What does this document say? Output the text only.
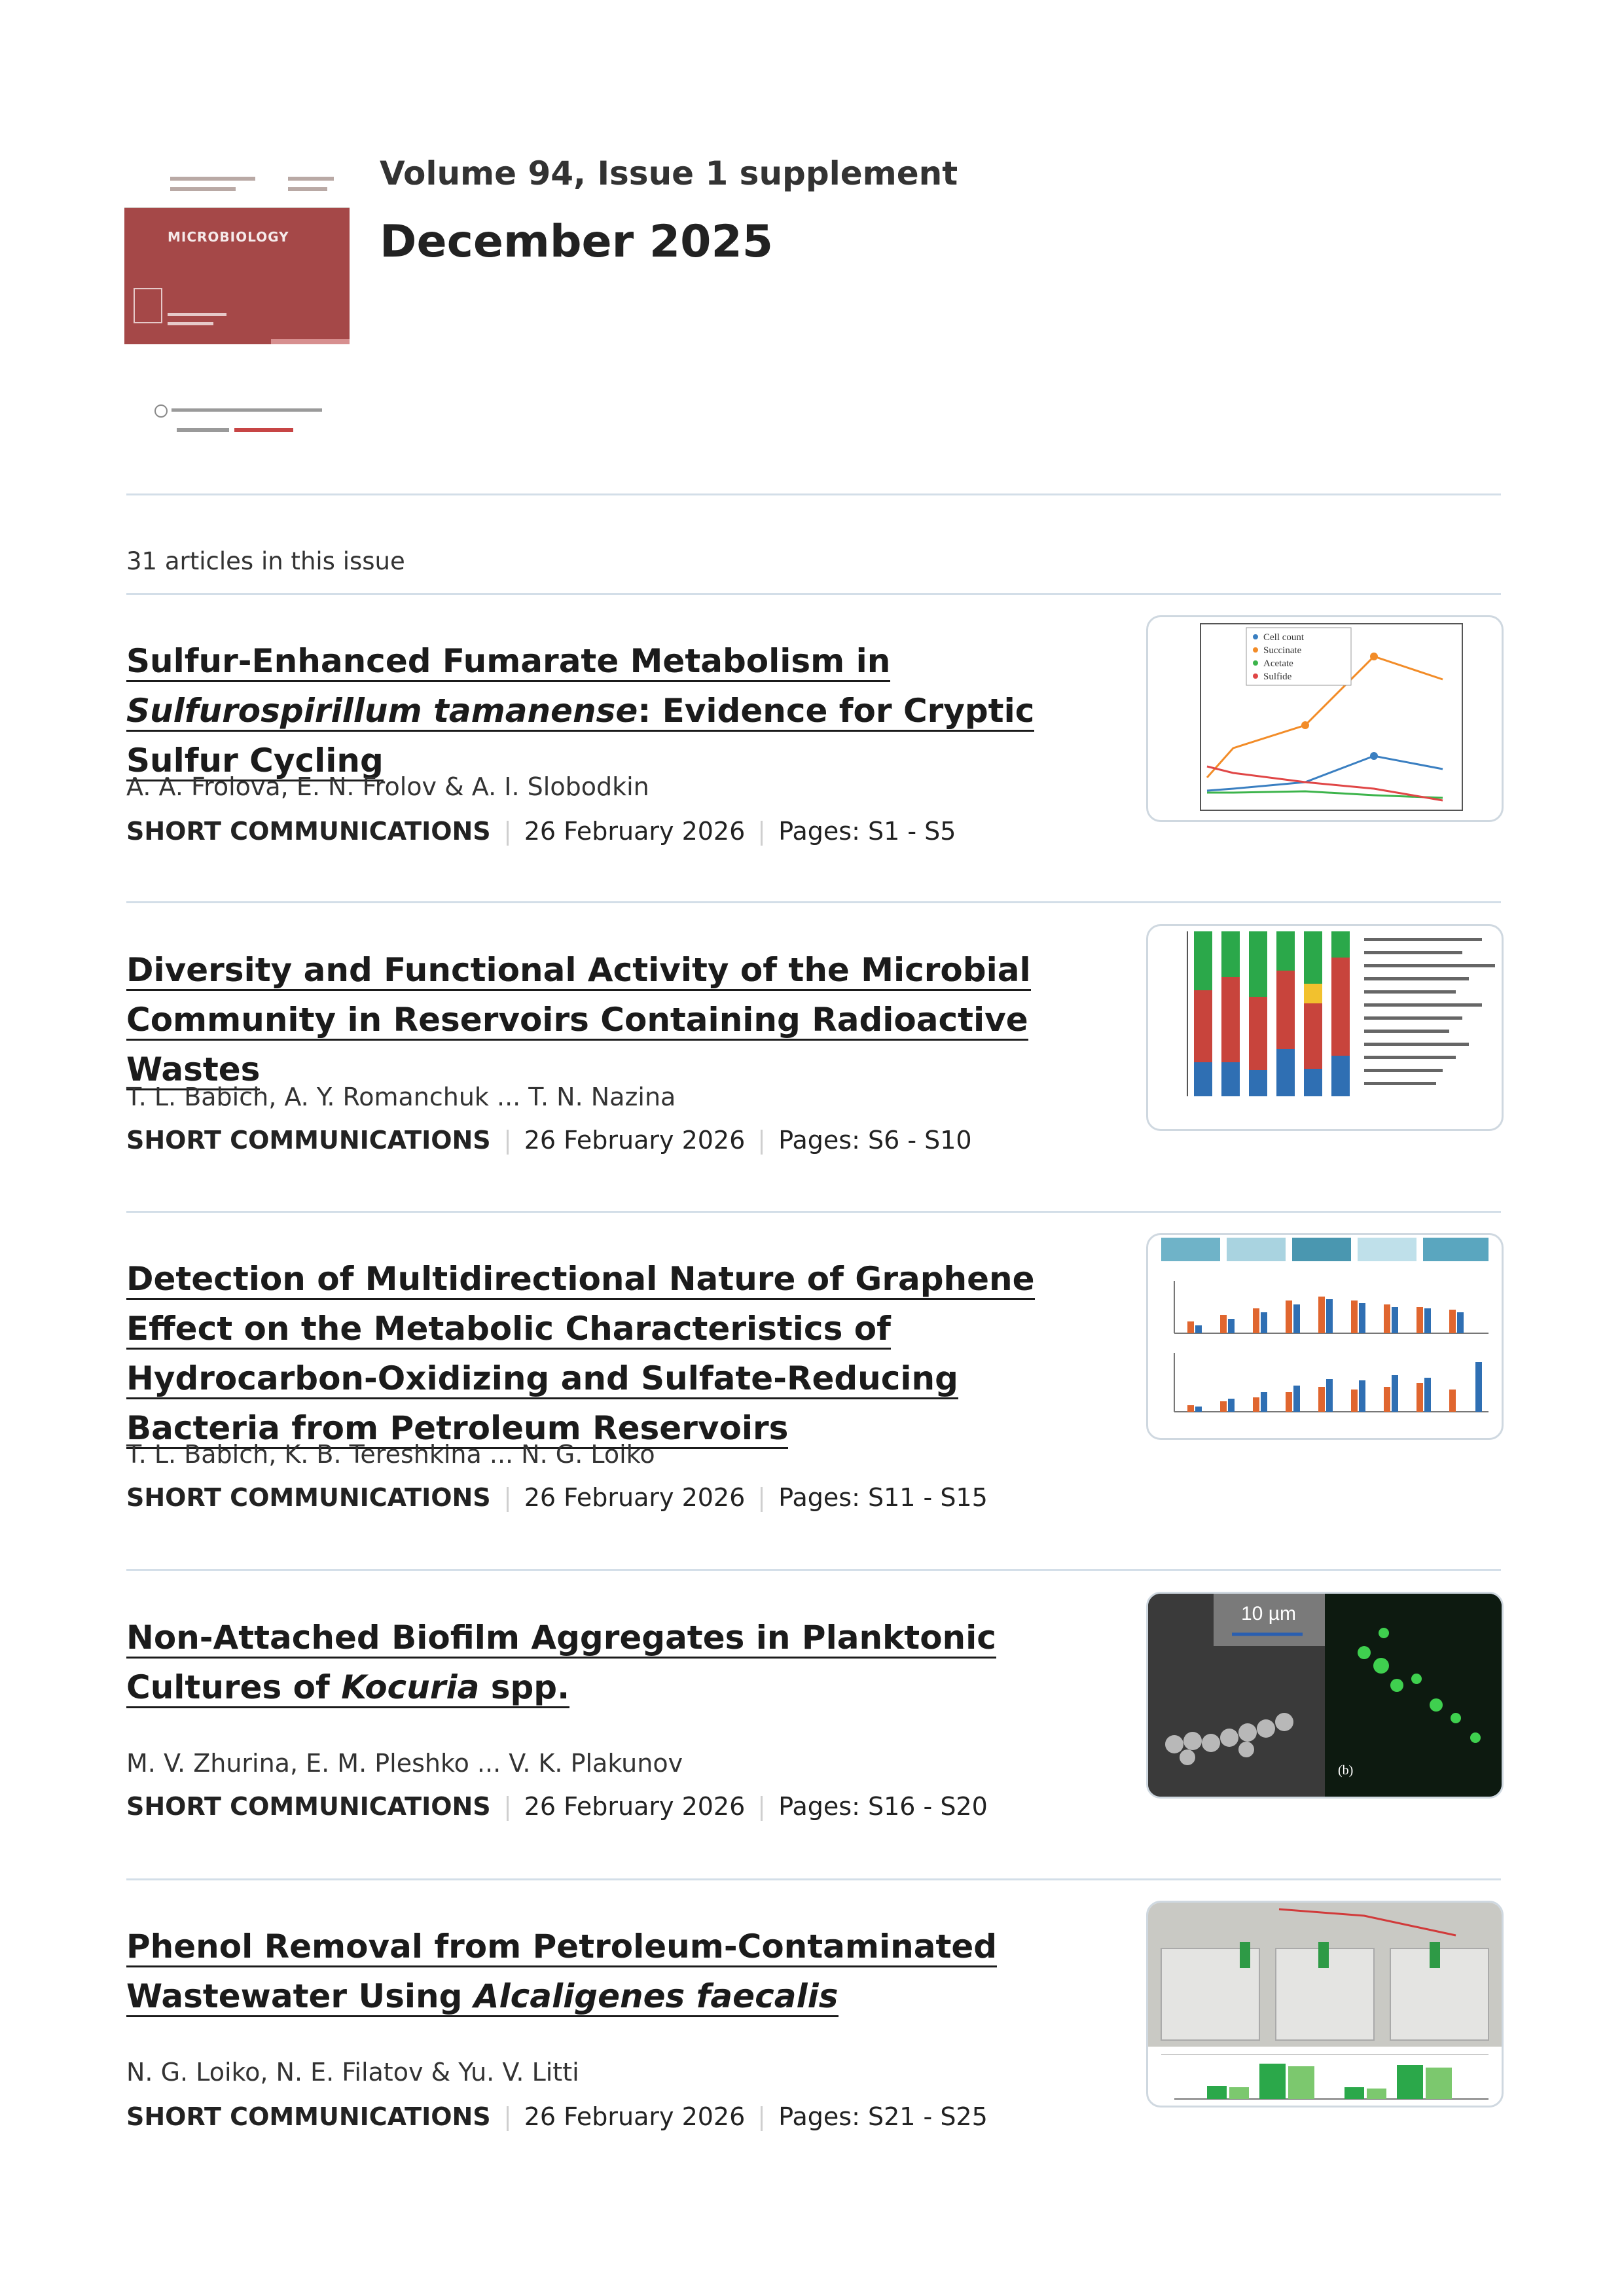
MICROBIOLOGY
Volume 94, Issue 1 supplement
December 2025
31 articles in this issue
Sulfur-Enhanced Fumarate Metabolism in Sulfurospirillum tamanense: Evidence for Cryptic Sulfur Cycling
A. A. Frolova, E. N. Frolov & A. I. Slobodkin
SHORT COMMUNICATIONS 26 February 2026 Pages: S1 - S5
Cell count
Succinate
Acetate
Sulfide
Diversity and Functional Activity of the Microbial Community in Reservoirs Containing Radioactive Wastes
T. L. Babich, A. Y. Romanchuk ... T. N. Nazina
SHORT COMMUNICATIONS 26 February 2026 Pages: S6 - S10
Detection of Multidirectional Nature of Graphene Effect on the Metabolic Characteristics of Hydrocarbon-Oxidizing and Sulfate-Reducing Bacteria from Petroleum Reservoirs
T. L. Babich, K. B. Tereshkina ... N. G. Loiko
SHORT COMMUNICATIONS 26 February 2026 Pages: S11 - S15
Non-Attached Biofilm Aggregates in Planktonic Cultures of Kocuria spp.
M. V. Zhurina, E. M. Pleshko ... V. K. Plakunov
SHORT COMMUNICATIONS 26 February 2026 Pages: S16 - S20
10 µm
(b)
Phenol Removal from Petroleum-Contaminated Wastewater Using Alcaligenes faecalis
N. G. Loiko, N. E. Filatov & Yu. V. Litti
SHORT COMMUNICATIONS 26 February 2026 Pages: S21 - S25
